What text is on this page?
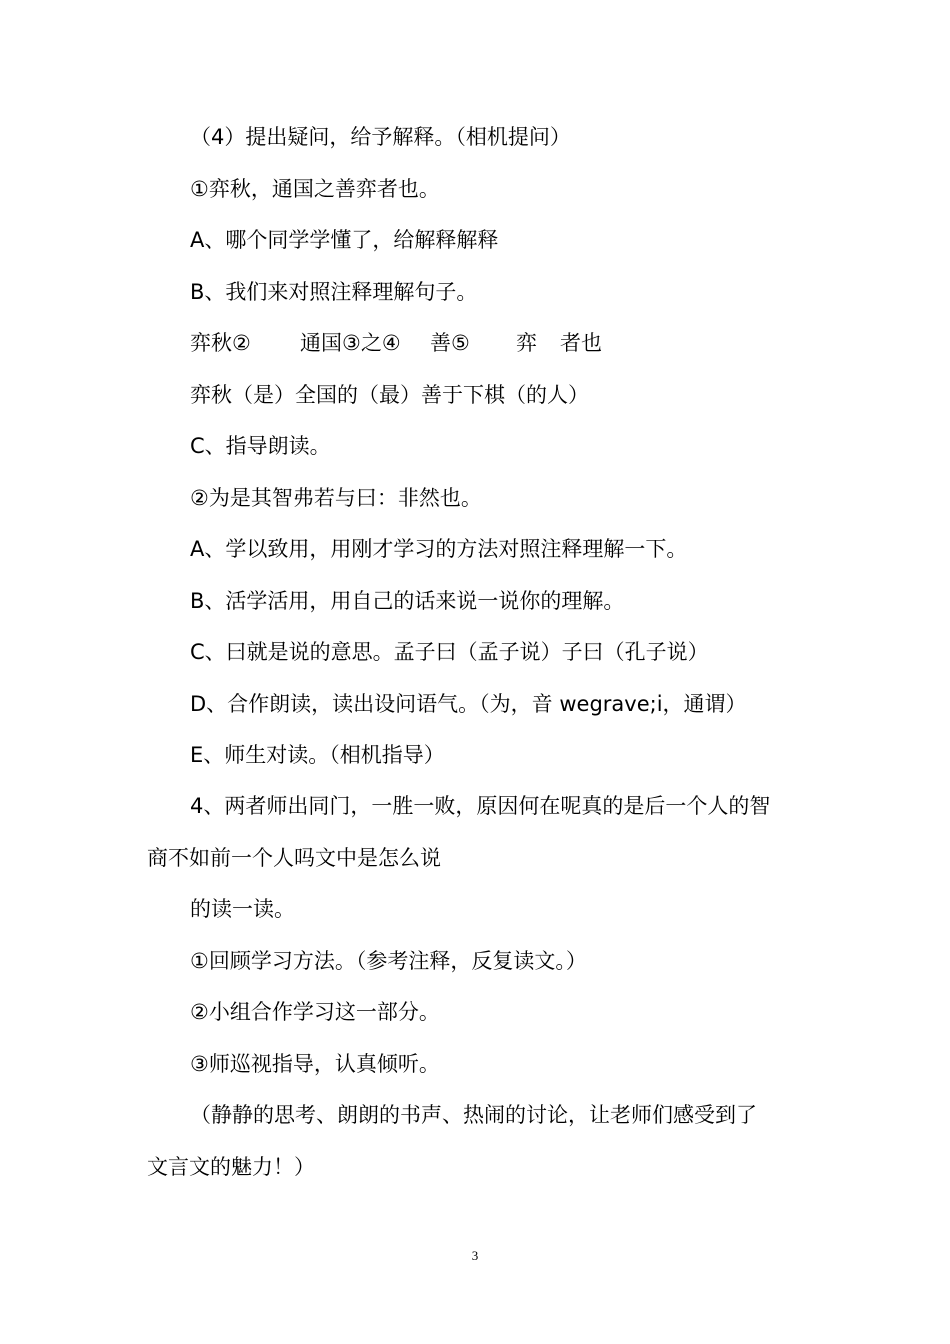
（4）提出疑问，给予解释。（相机提问）
①弈秋，通国之善弈者也。
A、哪个同学学懂了，给解释解释
B、我们来对照注释理解句子。
弈秋② 通国③之④ 善⑤ 弈 者也
弈秋（是）全国的（最）善于下棋（的人）
C、指导朗读。
②为是其智弗若与曰：非然也。
A、学以致用，用刚才学习的方法对照注释理解一下。
B、活学活用，用自己的话来说一说你的理解。
C、曰就是说的意思。孟子曰（孟子说）子曰（孔子说）
D、合作朗读，读出设问语气。（为，音 wegrave;i，通谓）
E、师生对读。（相机指导）
4、两者师出同门，一胜一败，原因何在呢真的是后一个人的智
商不如前一个人吗文中是怎么说
的读一读。
①回顾学习方法。（参考注释，反复读文。）
②小组合作学习这一部分。
③师巡视指导，认真倾听。
（静静的思考、朗朗的书声、热闹的讨论，让老师们感受到了
文言文的魅力！）
3
